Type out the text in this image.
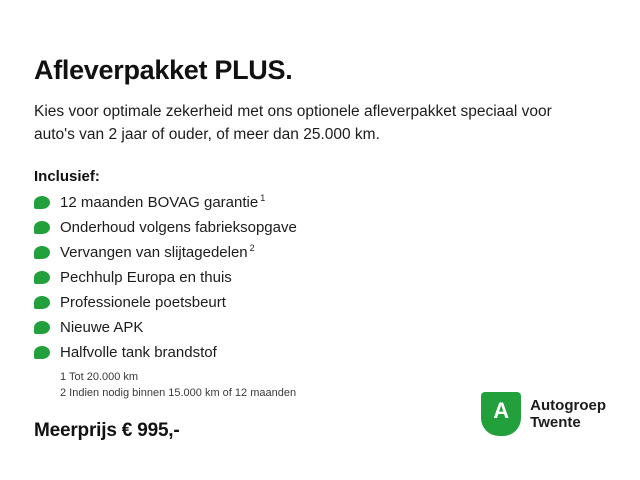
Afleverpakket PLUS.

Kies voor optimale zekerheid met ons optionele afleverpakket speciaal voor auto's van 2 jaar of ouder, of meer dan 25.000 km.

Inclusief:
12 maanden BOVAG garantie $^1$
Onderhoud volgens fabrieksopgave
Vervangen van slijtagedelen $^2$
Pechhulp Europa en thuis
Professionele poetsbeurt
Nieuwe APK
Halfvolle tank brandstof
1 Tot 20.000 km
2 Indien nodig binnen 15.000 km of 12 maanden
Meerprijs € 995,-
A	Autogroep
Twente
